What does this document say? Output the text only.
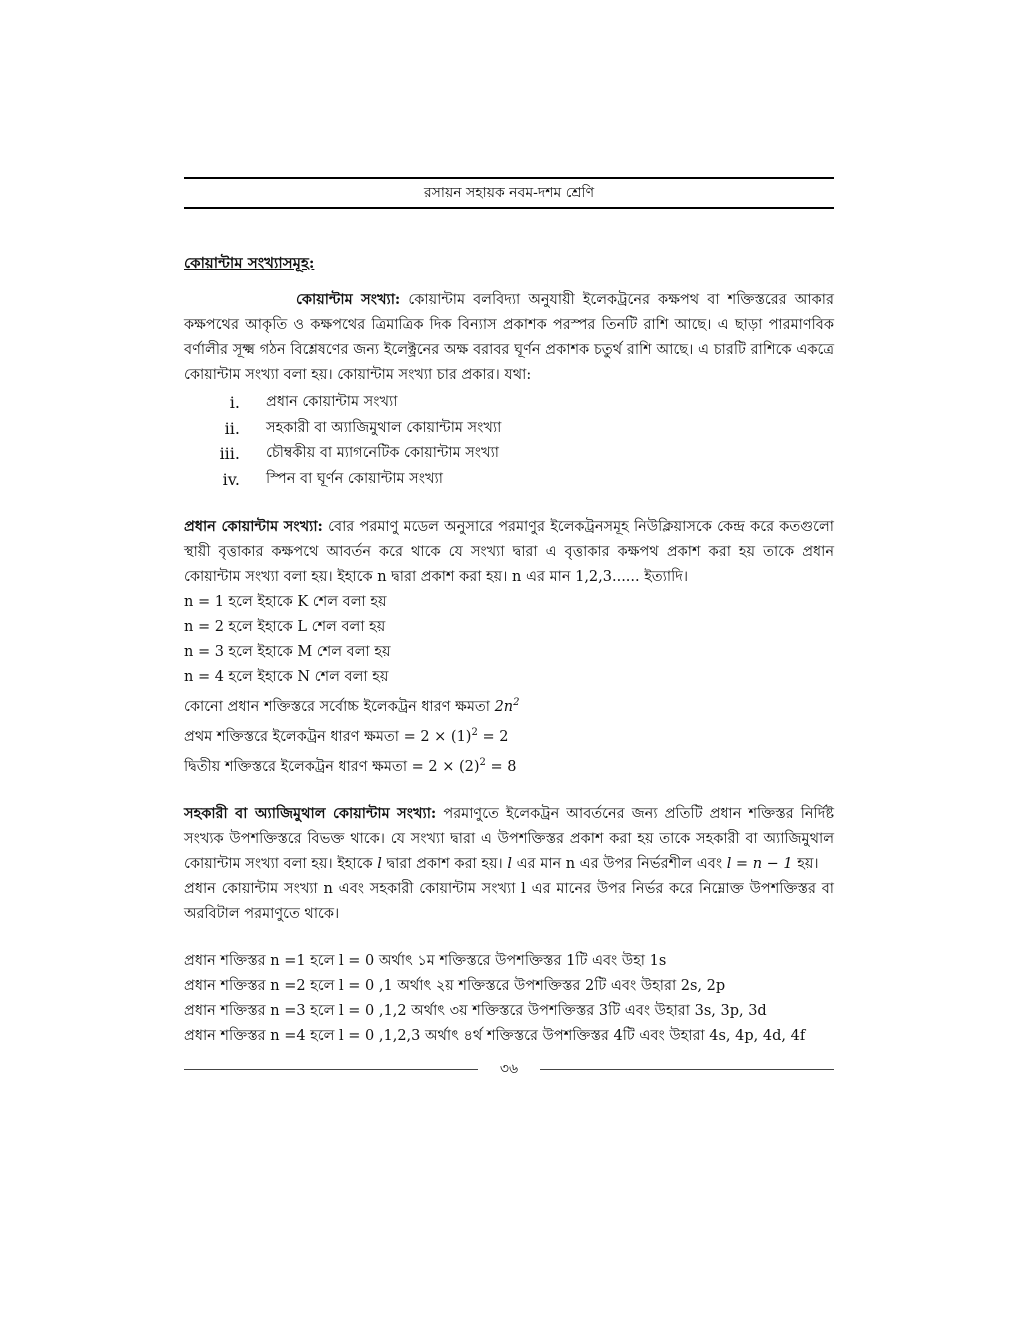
রসায়ন সহায়ক নবম-দশম শ্রেণি
কোয়ান্টাম সংখ্যাসমূহ:

কোয়ান্টাম সংখ্যা: কোয়ান্টাম বলবিদ্যা অনুযায়ী ইলেকট্রনের কক্ষপথ বা শক্তিস্তরের আকার কক্ষপথের আকৃতি ও কক্ষপথের ত্রিমাত্রিক দিক বিন্যাস প্রকাশক পরস্পর তিনটি রাশি আছে। এ ছাড়া পারমাণবিক বর্ণালীর সূক্ষ্ম গঠন বিশ্লেষণের জন্য ইলেক্ট্রনের অক্ষ বরাবর ঘূর্ণন প্রকাশক চতুর্থ রাশি আছে। এ চারটি রাশিকে একত্রে কোয়ান্টাম সংখ্যা বলা হয়। কোয়ান্টাম সংখ্যা চার প্রকার। যথা:

i.	প্রধান কোয়ান্টাম সংখ্যা
ii.	সহকারী বা অ্যাজিমুথাল কোয়ান্টাম সংখ্যা
iii.	চৌম্বকীয় বা ম্যাগনেটিক কোয়ান্টাম সংখ্যা
iv.	স্পিন বা ঘূর্ণন কোয়ান্টাম সংখ্যা

প্রধান কোয়ান্টাম সংখ্যা: বোর পরমাণু মডেল অনুসারে পরমাণুর ইলেকট্রনসমূহ নিউক্লিয়াসকে কেন্দ্র করে কতগুলো স্থায়ী বৃত্তাকার কক্ষপথে আবর্তন করে থাকে যে সংখ্যা দ্বারা এ বৃত্তাকার কক্ষপথ প্রকাশ করা হয় তাকে প্রধান কোয়ান্টাম সংখ্যা বলা হয়। ইহাকে n দ্বারা প্রকাশ করা হয়। n এর মান 1,2,3...... ইত্যাদি।

n = 1 হলে ইহাকে K শেল বলা হয়
n = 2 হলে ইহাকে L শেল বলা হয়
n = 3 হলে ইহাকে M শেল বলা হয়
n = 4 হলে ইহাকে N শেল বলা হয়
কোনো প্রধান শক্তিস্তরে সর্বোচ্চ ইলেকট্রন ধারণ ক্ষমতা $2n^2$
প্রথম শক্তিস্তরে ইলেকট্রন ধারণ ক্ষমতা = $2 \times (1)^2 = 2$
দ্বিতীয় শক্তিস্তরে ইলেকট্রন ধারণ ক্ষমতা = $2 \times (2)^2 = 8$

সহকারী বা অ্যাজিমুথাল কোয়ান্টাম সংখ্যা: পরমাণুতে ইলেকট্রন আবর্তনের জন্য প্রতিটি প্রধান শক্তিস্তর নির্দিষ্ট সংখ্যক উপশক্তিস্তরে বিভক্ত থাকে। যে সংখ্যা দ্বারা এ উপশক্তিস্তর প্রকাশ করা হয় তাকে সহকারী বা অ্যাজিমুথাল কোয়ান্টাম সংখ্যা বলা হয়। ইহাকে l দ্বারা প্রকাশ করা হয়। l এর মান n এর উপর নির্ভরশীল এবং l = n − 1 হয়।

প্রধান কোয়ান্টাম সংখ্যা n এবং সহকারী কোয়ান্টাম সংখ্যা l এর মানের উপর নির্ভর করে নিম্নোক্ত উপশক্তিস্তর বা অরবিটাল পরমাণুতে থাকে।

প্রধান শক্তিস্তর n =1 হলে l = 0 অর্থাৎ ১ম শক্তিস্তরে উপশক্তিস্তর 1টি এবং উহা 1s
প্রধান শক্তিস্তর n =2 হলে l = 0 ,1 অর্থাৎ ২য় শক্তিস্তরে উপশক্তিস্তর 2টি এবং উহারা 2s, 2p
প্রধান শক্তিস্তর n =3 হলে l = 0 ,1,2 অর্থাৎ ৩য় শক্তিস্তরে উপশক্তিস্তর 3টি এবং উহারা 3s, 3p, 3d
প্রধান শক্তিস্তর n =4 হলে l = 0 ,1,2,3 অর্থাৎ ৪র্থ শক্তিস্তরে উপশক্তিস্তর 4টি এবং উহারা 4s, 4p, 4d, 4f
৩৬
